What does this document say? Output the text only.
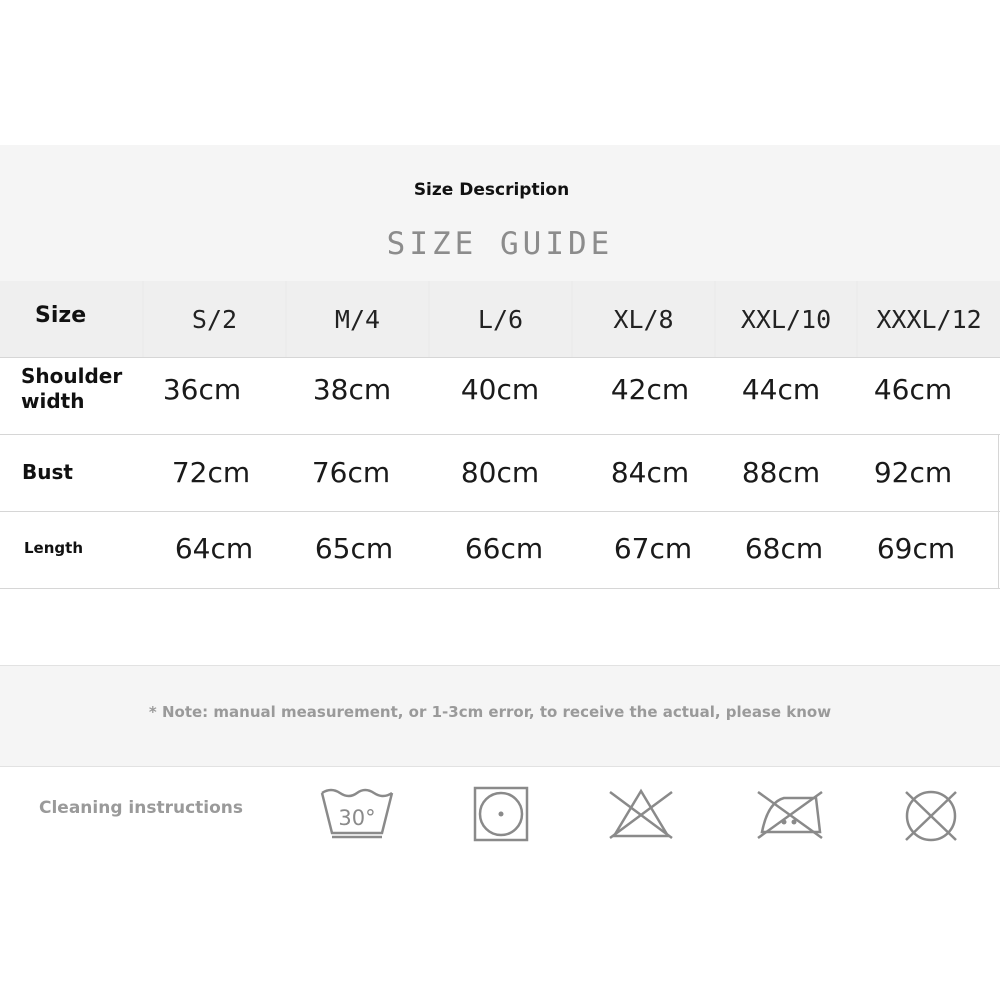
Size Description
SIZE GUIDE
Size	S/2	M/4	L/6	XL/8	XXL/10	XXXL/12
Shoulder
width	36cm	38cm	40cm	42cm	44cm	46cm
Bust	72cm	76cm	80cm	84cm	88cm	92cm
Length	64cm	65cm	66cm	67cm	68cm	69cm
* Note: manual measurement, or 1-3cm error, to receive the actual, please know
Cleaning instructions	30°
